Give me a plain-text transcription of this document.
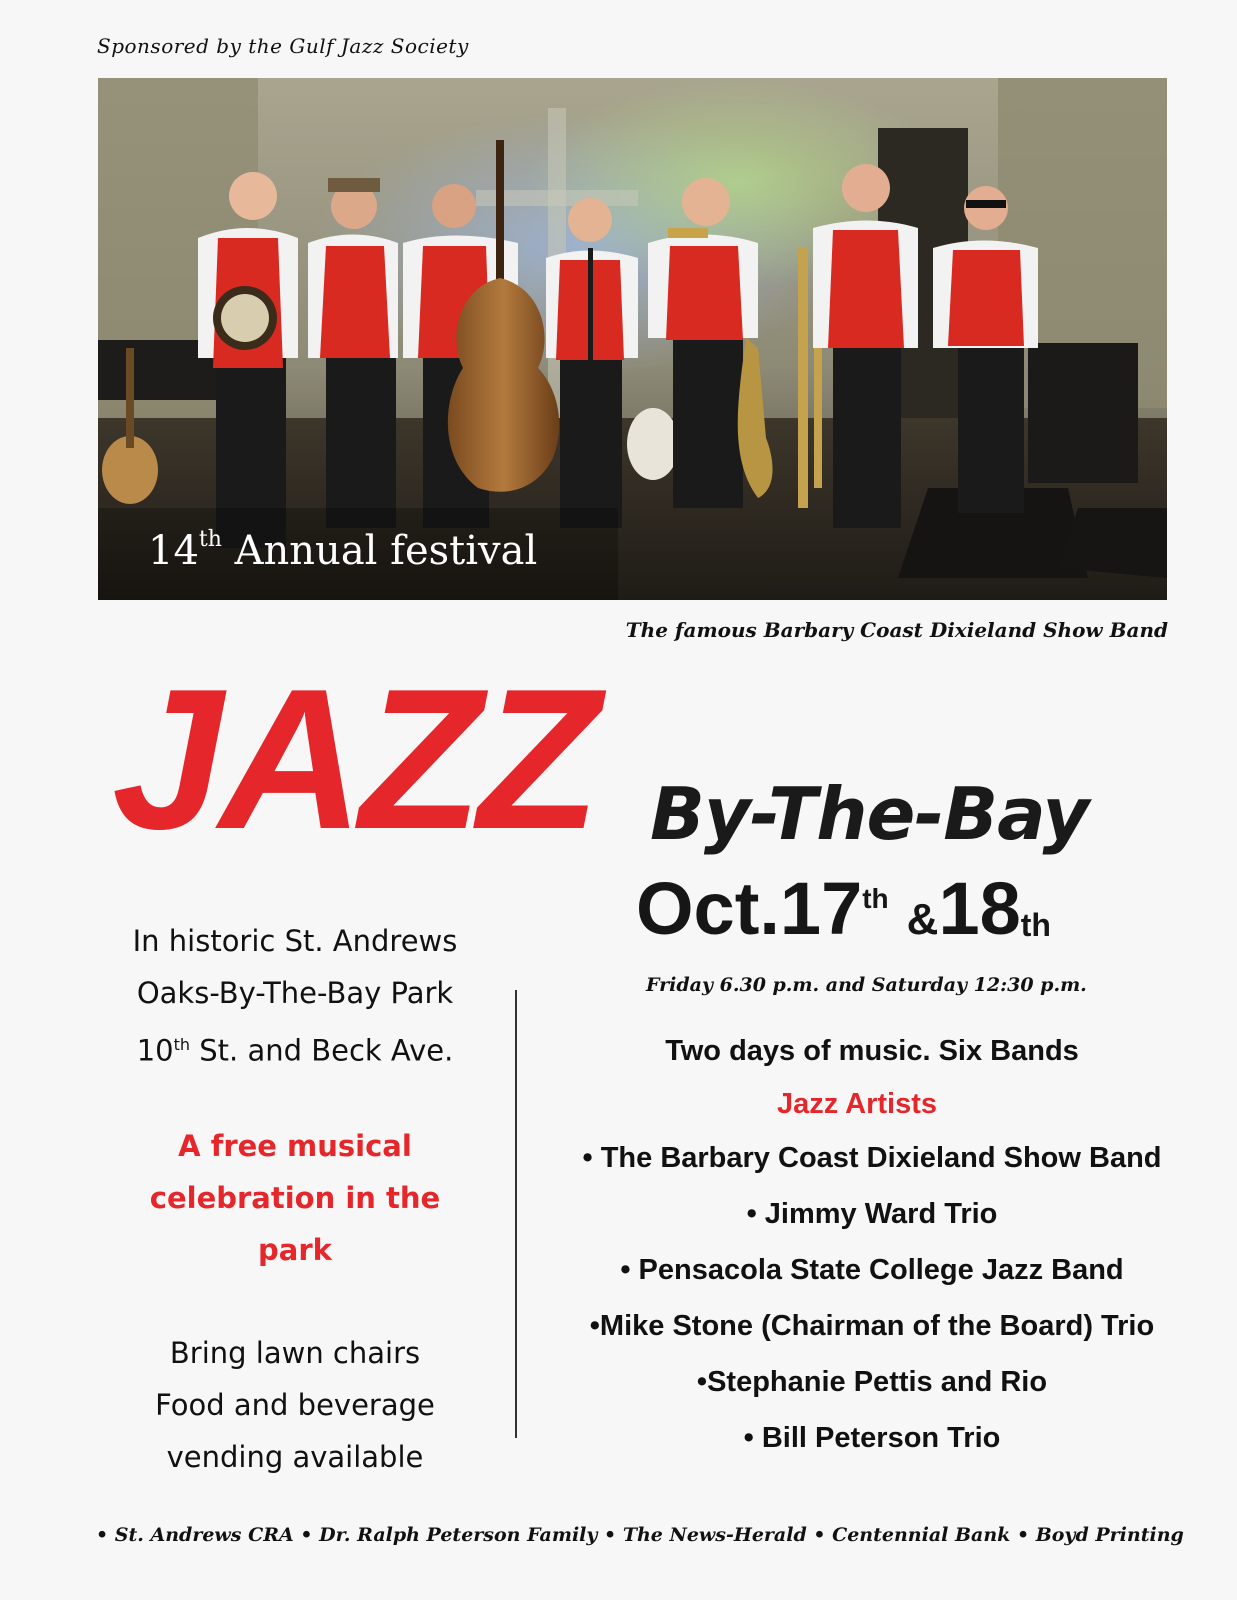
Sponsored by the Gulf Jazz Society
14th Annual festival
The famous Barbary Coast Dixieland Show Band
JAZZ By-The-Bay
Oct.17th &18th
Friday 6.30 p.m. and Saturday 12:30 p.m.
In historic St. Andrews
Oaks-By-The-Bay Park
10th St. and Beck Ave.
A free musical
celebration in the
park
Bring lawn chairs
Food and beverage
vending available
Two days of music. Six Bands
Jazz Artists
• The Barbary Coast Dixieland Show Band
• Jimmy Ward Trio
• Pensacola State College Jazz Band
•Mike Stone (Chairman of the Board) Trio
•Stephanie Pettis and Rio
• Bill Peterson Trio
• St. Andrews CRA • Dr. Ralph Peterson Family • The News-Herald • Centennial Bank • Boyd Printing
